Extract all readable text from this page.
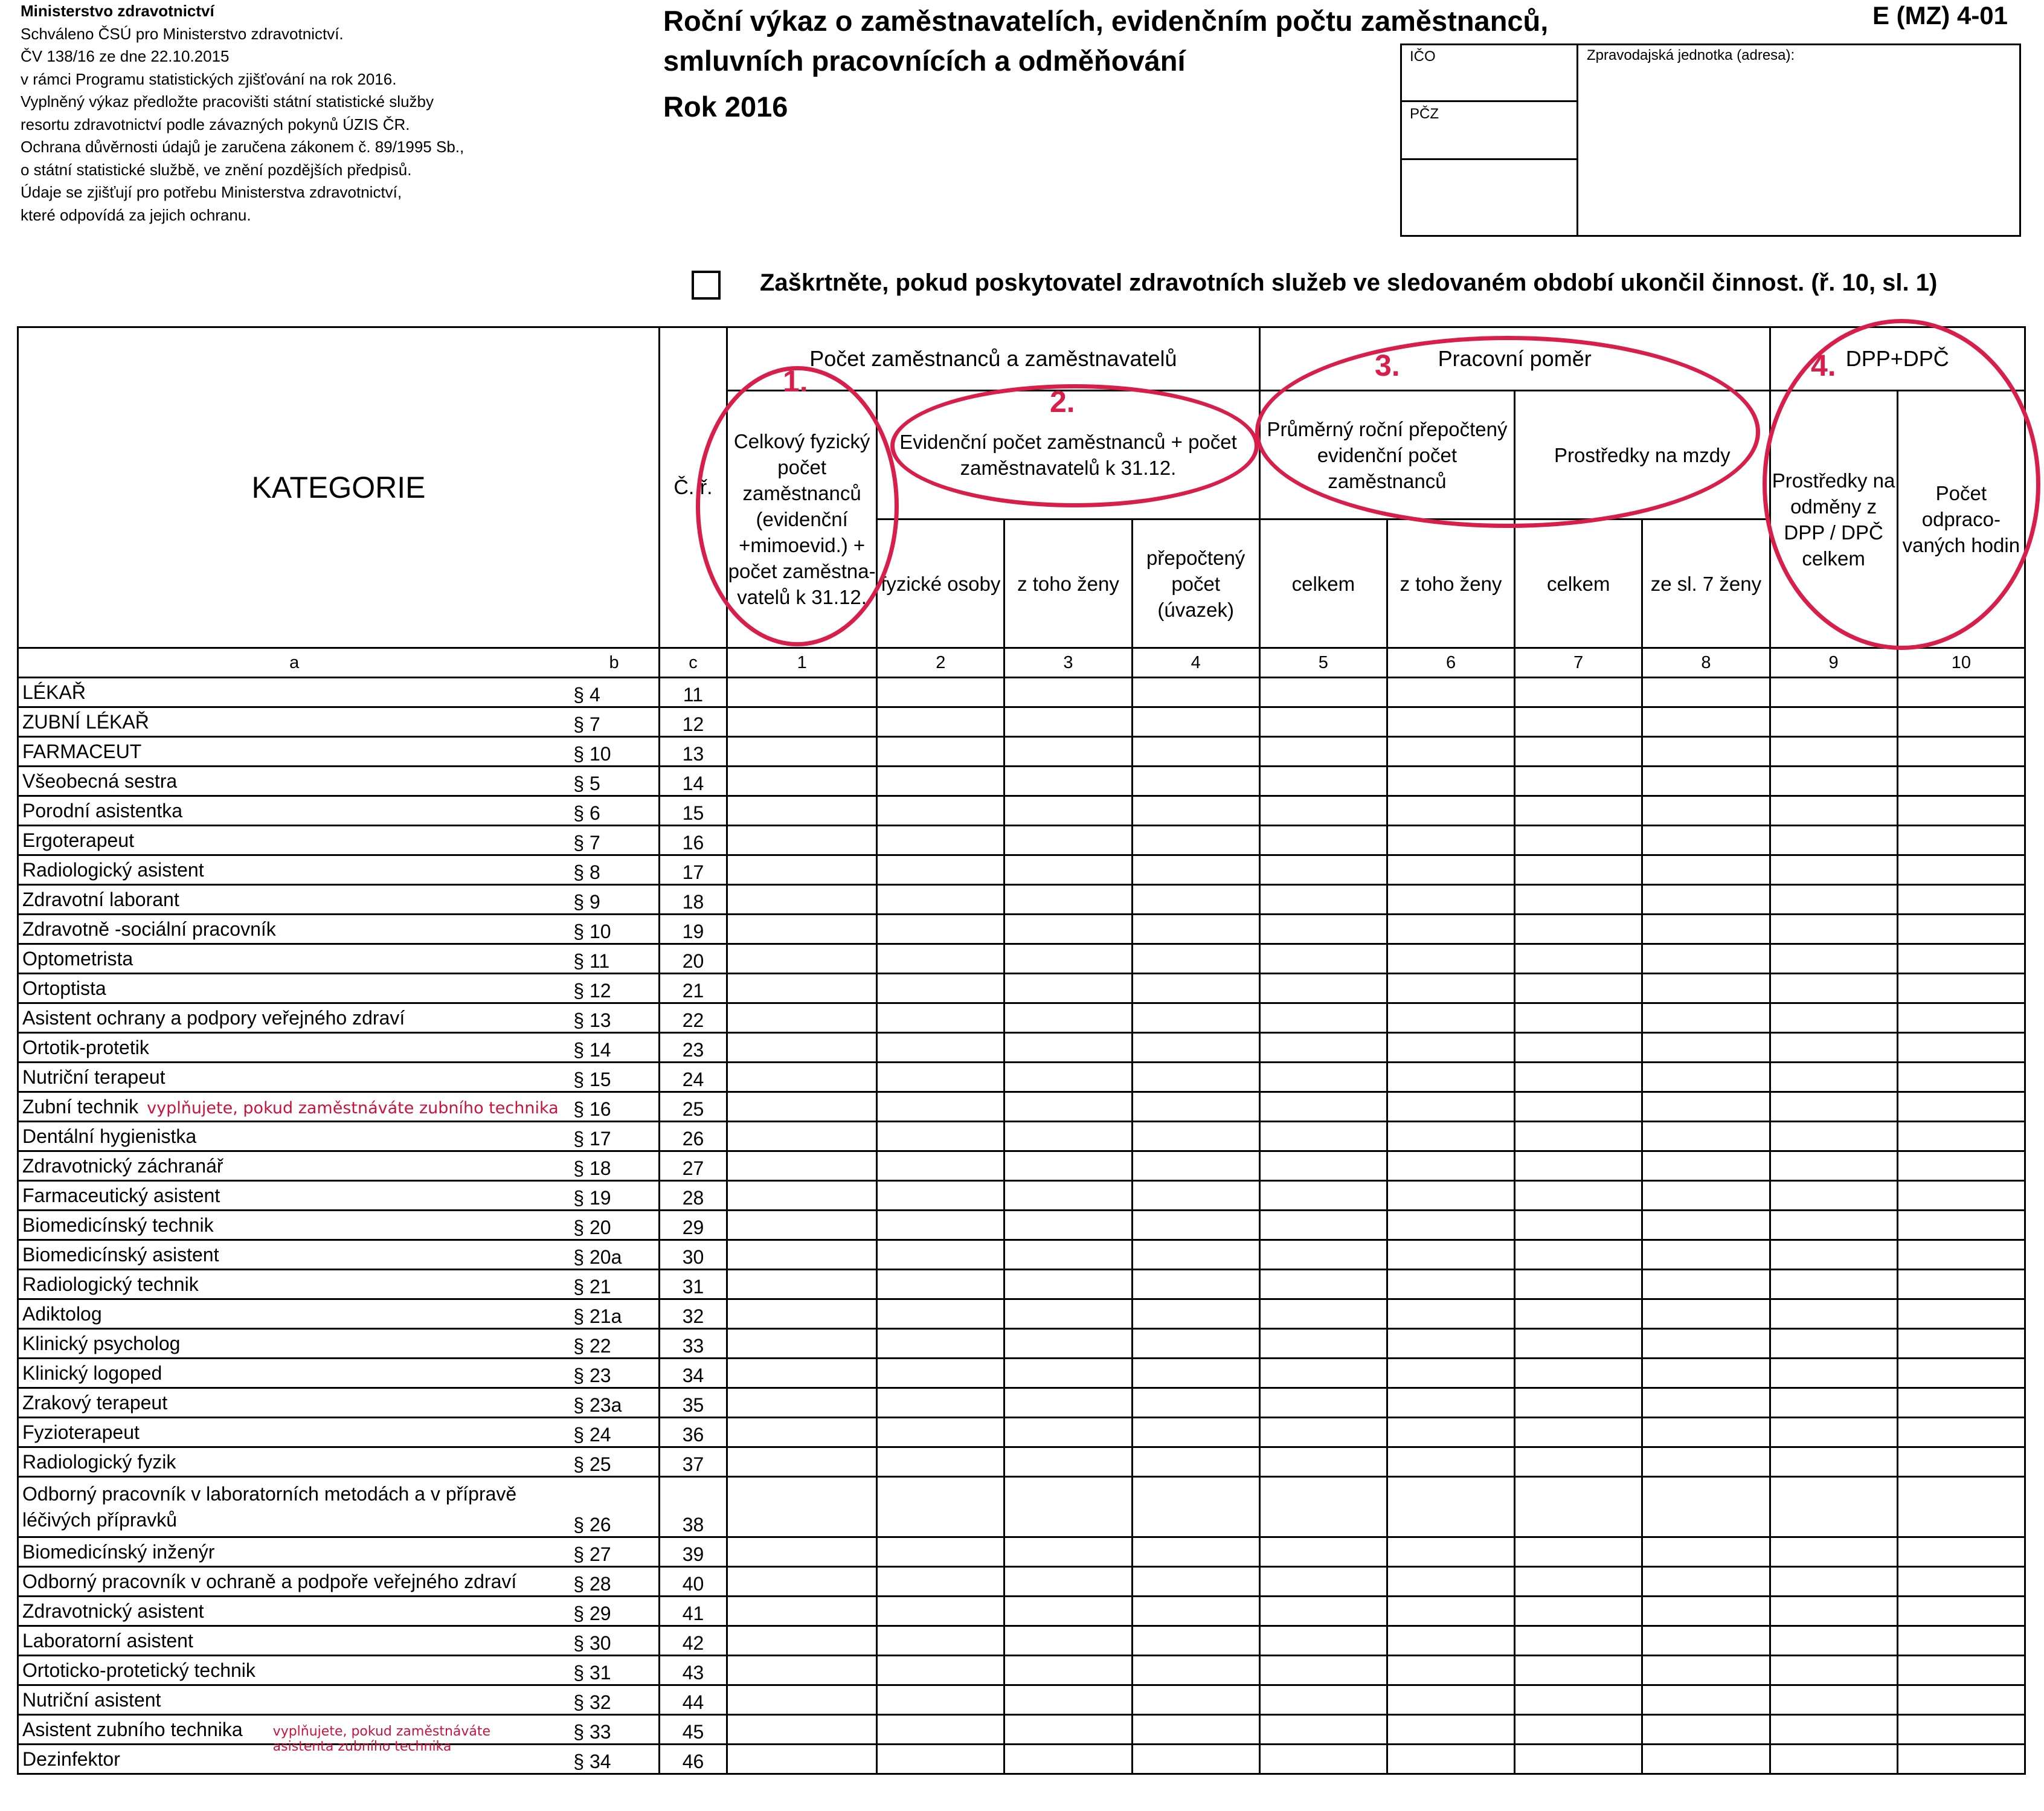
Ministerstvo zdravotnictví
Schváleno ČSÚ pro Ministerstvo zdravotnictví.
ČV 138/16 ze dne 22.10.2015
v rámci Programu statistických zjišťování na rok 2016.
Vyplněný výkaz předložte pracovišti státní statistické služby
resortu zdravotnictví podle závazných pokynů ÚZIS ČR.
Ochrana důvěrnosti údajů je zaručena zákonem č. 89/1995 Sb.,
o státní statistické službě, ve znění pozdějších předpisů.
Údaje se zjišťují pro potřebu Ministerstva zdravotnictví,
které odpovídá za jejich ochranu.
Roční výkaz o zaměstnavatelích, evidenčním počtu zaměstnanců,
smluvních pracovnících a odměňování
Rok 2016
E (MZ) 4-01
IČO
PČZ
Zpravodajská jednotka (adresa):
Zaškrtněte, pokud poskytovatel zdravotních služeb ve sledovaném období ukončil činnost. (ř. 10, sl. 1)
KATEGORIE		Č. ř.	Počet zaměstnanců a zaměstnavatelů				Pracovní poměr				DPP+DPČ	
			Celkový fyzický počet zaměstnanců (evidenční +mimoevid.) + počet zaměstna-vatelů k 31.12.	Evidenční počet zaměstnanců + počet zaměstnavatelů k 31.12.			Průměrný roční přepočtený evidenční počet zaměstnanců		Prostředky na mzdy		Prostředky na odměny z DPP / DPČ celkem	Počet odpraco-vaných hodin
				fyzické osoby	z toho ženy	přepočtený počet (úvazek)	celkem	z toho ženy	celkem	ze sl. 7 ženy		
a	b	c	1	2	3	4	5	6	7	8	9	10
LÉKAŘ	§ 4	11										
ZUBNÍ LÉKAŘ	§ 7	12										
FARMACEUT	§ 10	13										
Všeobecná sestra	§ 5	14										
Porodní asistentka	§ 6	15										
Ergoterapeut	§ 7	16										
Radiologický asistent	§ 8	17										
Zdravotní laborant	§ 9	18										
Zdravotně -sociální pracovník	§ 10	19										
Optometrista	§ 11	20										
Ortoptista	§ 12	21										
Asistent ochrany a podpory veřejného zdraví	§ 13	22										
Ortotik-protetik	§ 14	23										
Nutriční terapeut	§ 15	24										
Zubní technik vyplňujete, pokud zaměstnáváte zubního technika	§ 16	25										
Dentální hygienistka	§ 17	26										
Zdravotnický záchranář	§ 18	27										
Farmaceutický asistent	§ 19	28										
Biomedicínský technik	§ 20	29										
Biomedicínský asistent	§ 20a	30										
Radiologický technik	§ 21	31										
Adiktolog	§ 21a	32										
Klinický psycholog	§ 22	33										
Klinický logoped	§ 23	34										
Zrakový terapeut	§ 23a	35										
Fyzioterapeut	§ 24	36										
Radiologický fyzik	§ 25	37										
Odborný pracovník v laboratorních metodách a v přípravě léčivých přípravků	§ 26	38										
Biomedicínský inženýr	§ 27	39										
Odborný pracovník v ochraně a podpoře veřejného zdraví	§ 28	40										
Zdravotnický asistent	§ 29	41										
Laboratorní asistent	§ 30	42										
Ortoticko-protetický technik	§ 31	43										
Nutriční asistent	§ 32	44										
Asistent zubního technika vyplňujete, pokud zaměstnáváte asistenta zubního technika	§ 33	45										
Dezinfektor	§ 34	46										
1.
2.
3.	4.
